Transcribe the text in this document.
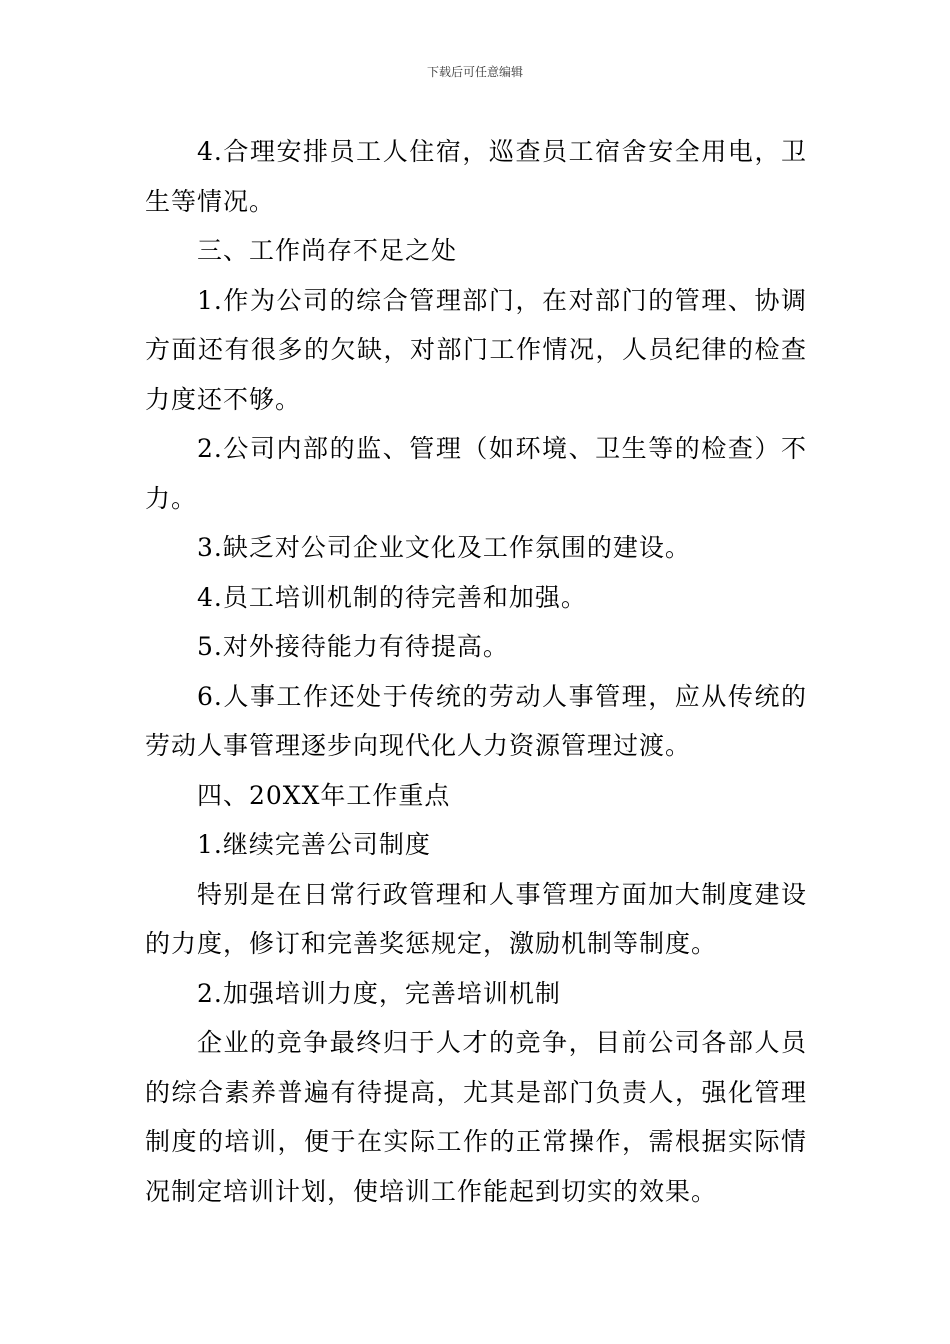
下载后可任意编辑

4.合理安排员工人住宿，巡查员工宿舍安全用电，卫生等情况。

三、工作尚存不足之处

1.作为公司的综合管理部门，在对部门的管理、协调方面还有很多的欠缺，对部门工作情况，人员纪律的检查力度还不够。

2.公司内部的监、管理（如环境、卫生等的检查）不力。

3.缺乏对公司企业文化及工作氛围的建设。

4.员工培训机制的待完善和加强。

5.对外接待能力有待提高。

6.人事工作还处于传统的劳动人事管理，应从传统的劳动人事管理逐步向现代化人力资源管理过渡。

四、20XX年工作重点

1.继续完善公司制度

特别是在日常行政管理和人事管理方面加大制度建设的力度，修订和完善奖惩规定，激励机制等制度。

2.加强培训力度，完善培训机制

企业的竞争最终归于人才的竞争，目前公司各部人员的综合素养普遍有待提高，尤其是部门负责人，强化管理制度的培训，便于在实际工作的正常操作，需根据实际情况制定培训计划，使培训工作能起到切实的效果。
